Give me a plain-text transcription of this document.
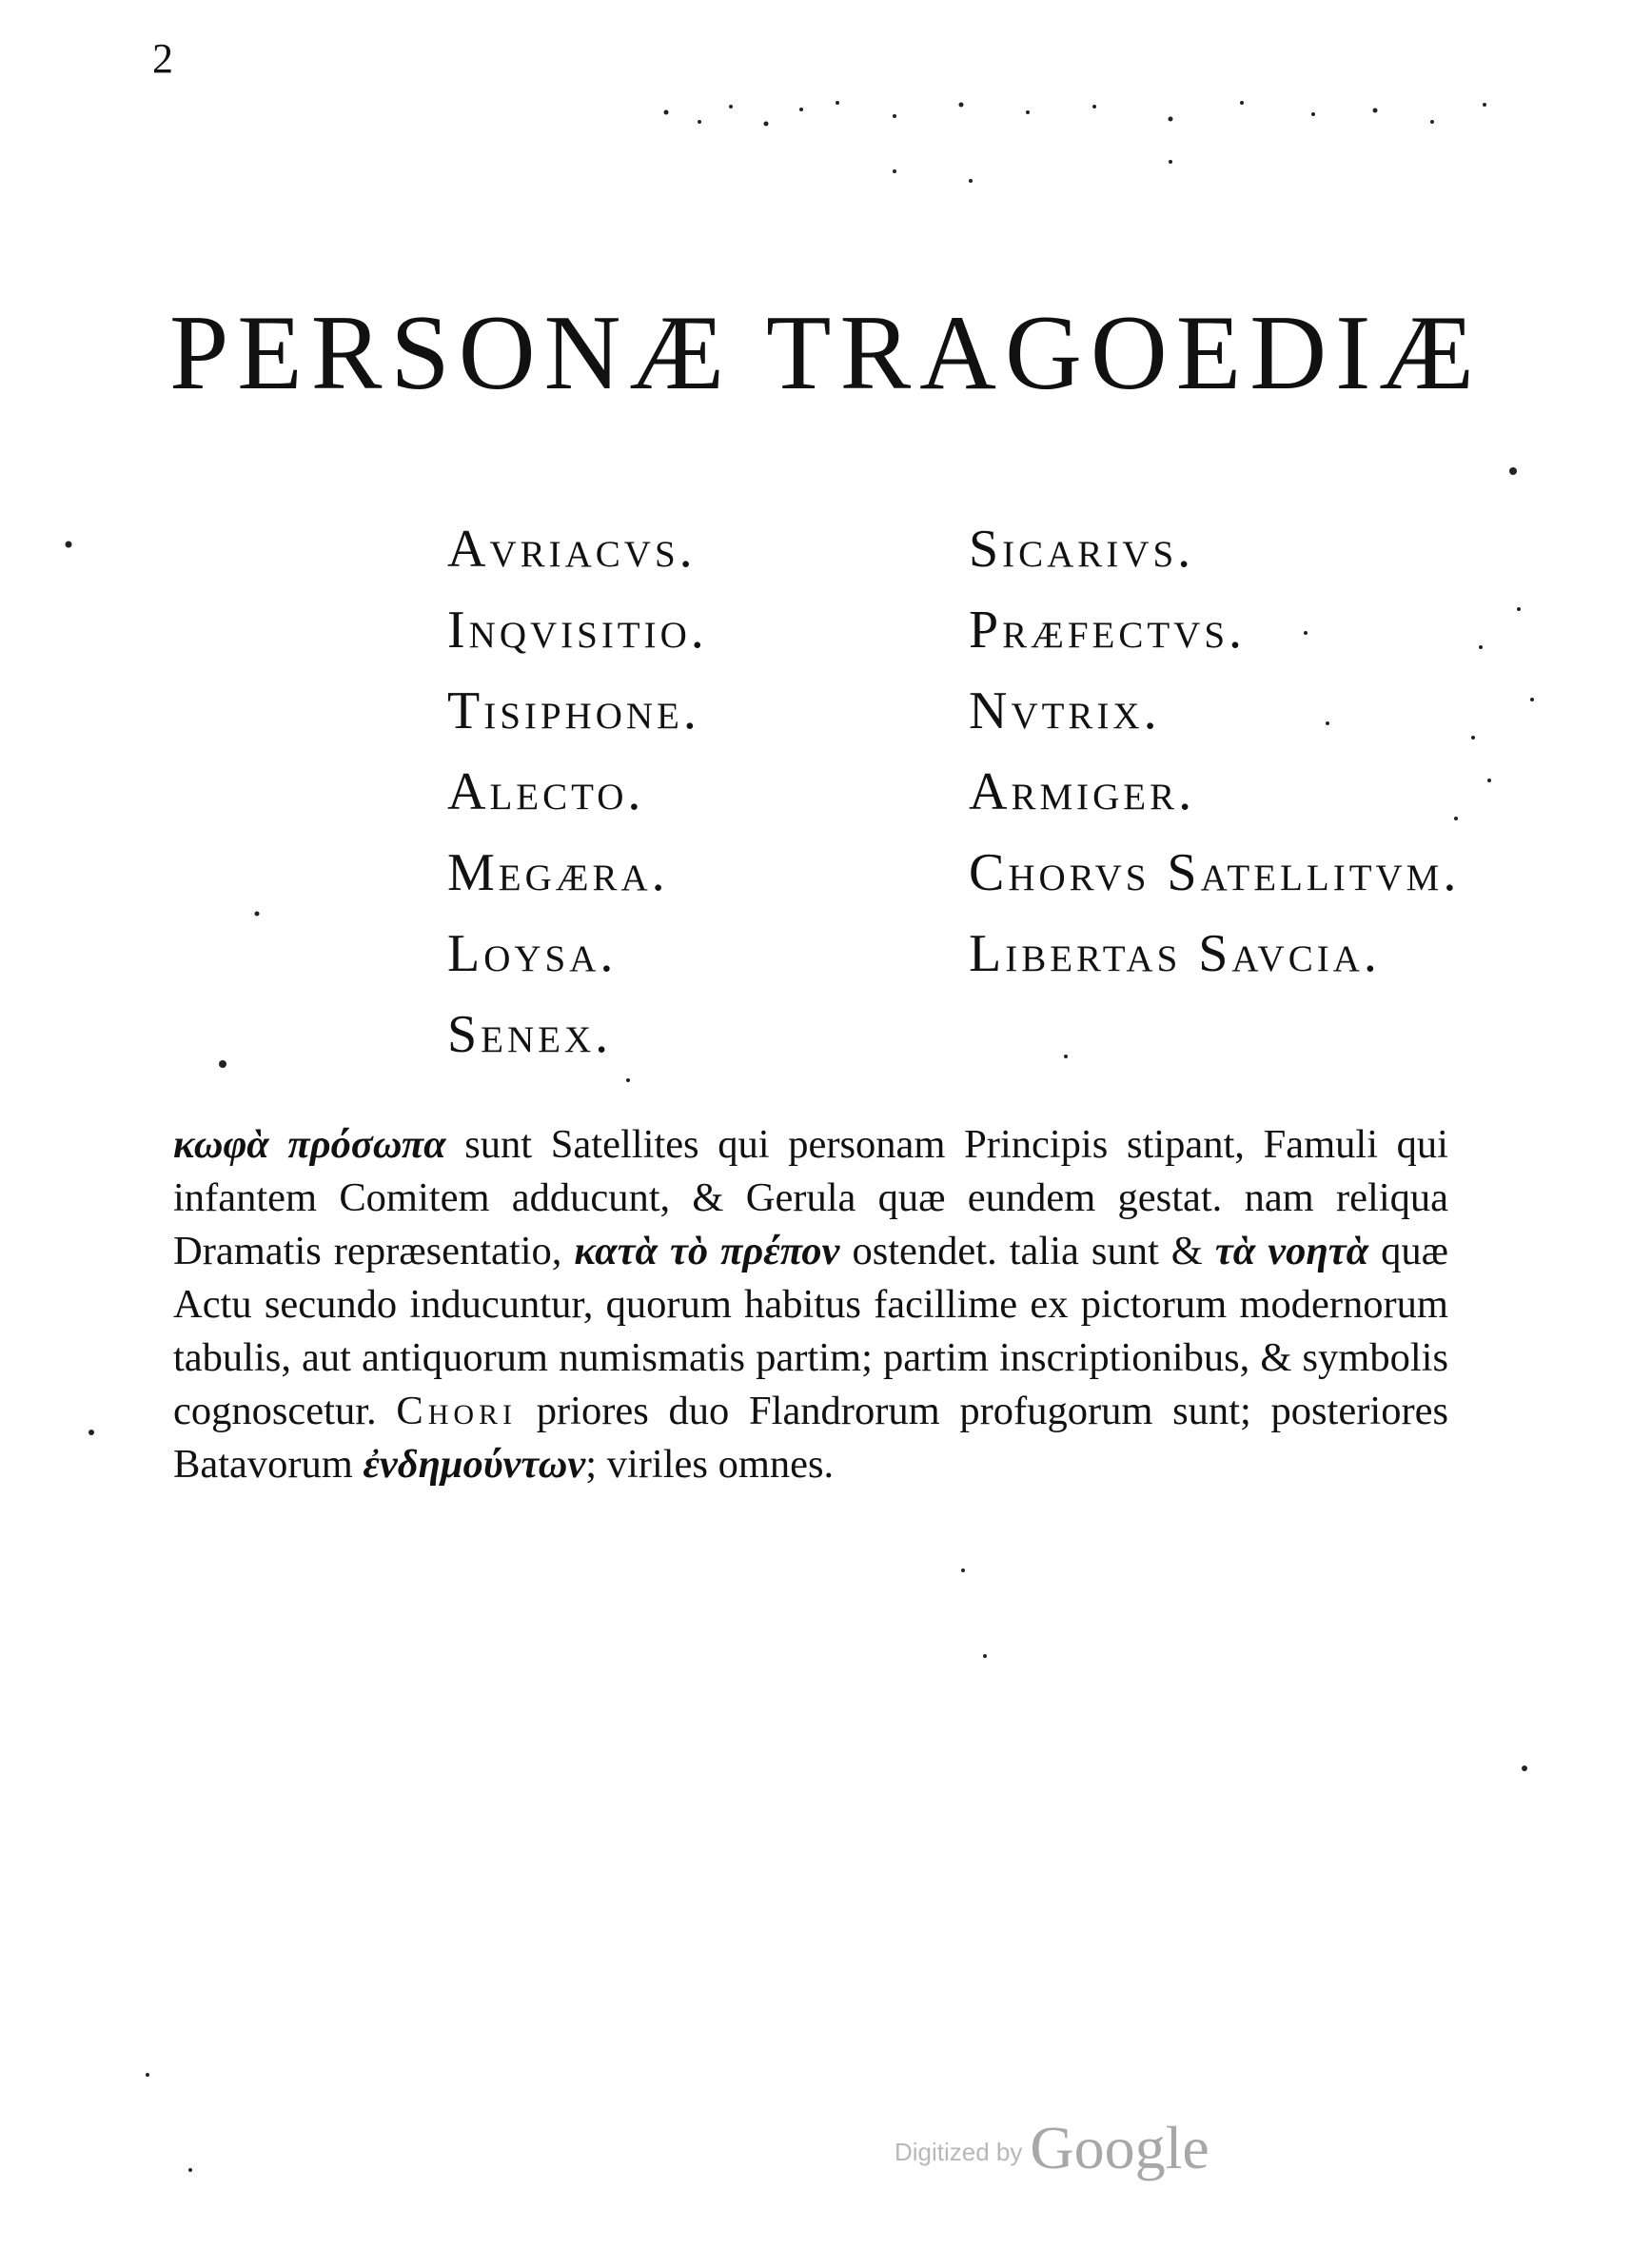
2
PERSONÆ TRAGOEDIÆ
Avriacvs.
Inqvisitio.
Tisiphone.
Alecto.
Megæra.
Loysa.
Senex.
Sicarivs.
Præfectvs.
Nvtrix.
Armiger.
Chorvs Satellitvm.
Libertas Savcia.

κωφὰ πρόσωπα sunt Satellites qui personam Principis stipant, Famuli qui infantem Comitem adducunt, & Gerula quæ eundem gestat. nam reliqua Dramatis repræsentatio, κατὰ τὸ πρέπον ostendet. talia sunt & τὰ νοητὰ quæ Actu secundo inducuntur, quorum habitus facillime ex pictorum modernorum tabulis, aut antiquorum numismatis partim; partim inscriptionibus, & symbolis cognoscetur. Chori priores duo Flandrorum profugorum sunt; posteriores Batavorum ἐνδημούντων; viriles omnes.

Digitized by Google
